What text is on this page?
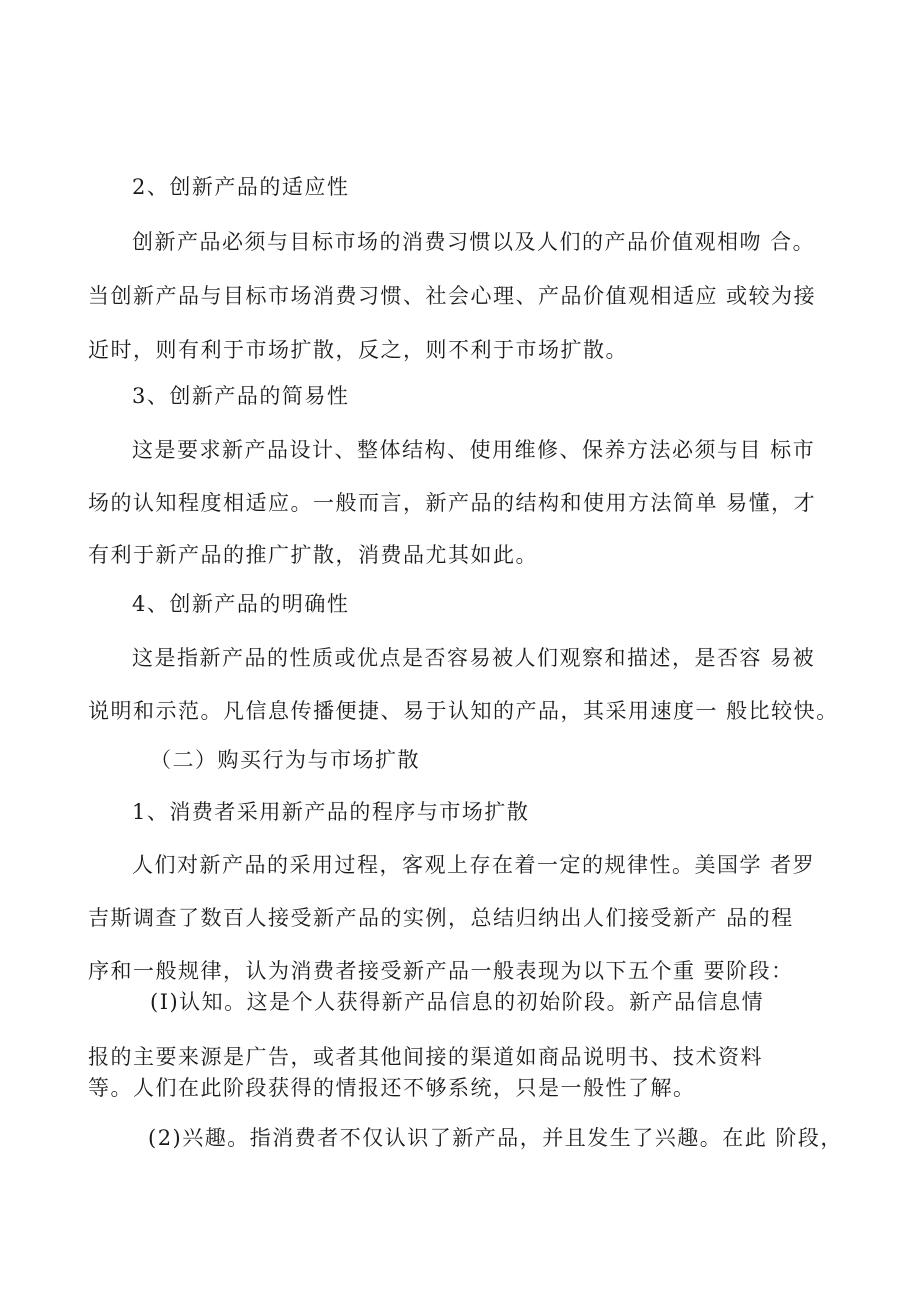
2、创新产品的适应性
创新产品必须与目标市场的消费习惯以及人们的产品价值观相吻 合。
当创新产品与目标市场消费习惯、社会心理、产品价值观相适应 或较为接
近时，则有利于市场扩散，反之，则不利于市场扩散。
3、创新产品的简易性
这是要求新产品设计、整体结构、使用维修、保养方法必须与目 标市
场的认知程度相适应。一般而言，新产品的结构和使用方法简单 易懂，才
有利于新产品的推广扩散，消费品尤其如此。
4、创新产品的明确性
这是指新产品的性质或优点是否容易被人们观察和描述，是否容 易被
说明和示范。凡信息传播便捷、易于认知的产品，其采用速度一 般比较快。
（二）购买行为与市场扩散
1、消费者采用新产品的程序与市场扩散
人们对新产品的采用过程，客观上存在着一定的规律性。美国学 者罗
吉斯调查了数百人接受新产品的实例，总结归纳出人们接受新产 品的程
序和一般规律，认为消费者接受新产品一般表现为以下五个重 要阶段：
(I)认知。这是个人获得新产品信息的初始阶段。新产品信息情
报的主要来源是广告，或者其他间接的渠道如商品说明书、技术资料
等。人们在此阶段获得的情报还不够系统，只是一般性了解。
(2)兴趣。指消费者不仅认识了新产品，并且发生了兴趣。在此 阶段，
